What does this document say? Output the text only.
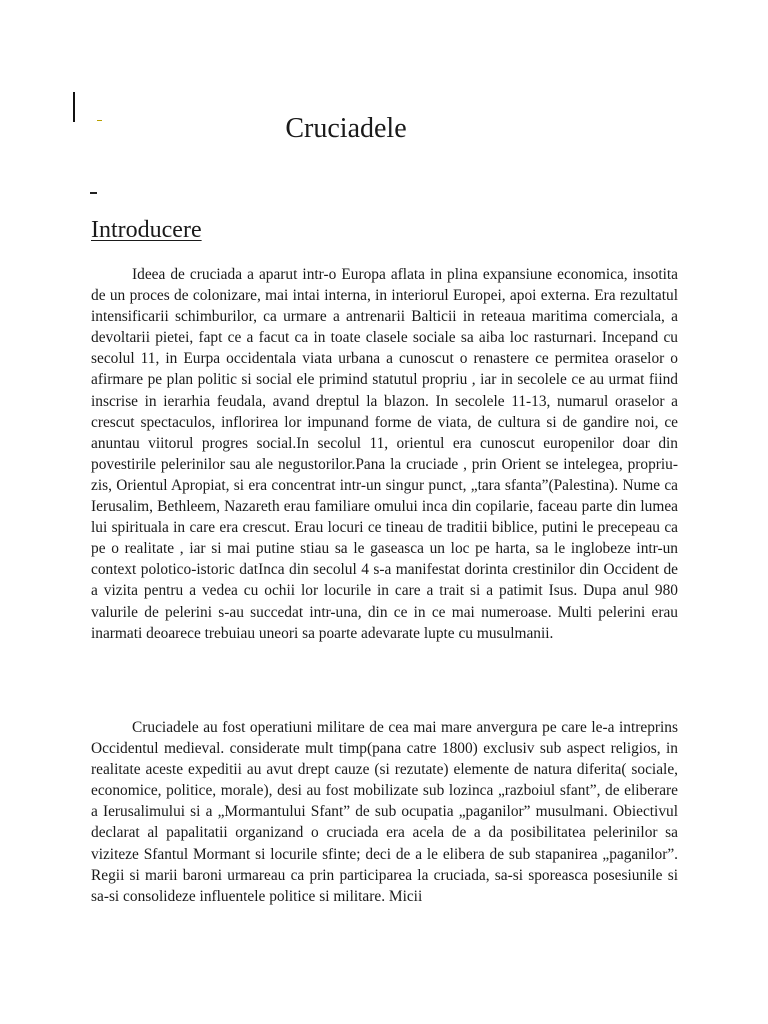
Cruciadele
Introducere

Ideea de cruciada a aparut intr-o Europa aflata in plina expansiune economica, insotita de un proces de colonizare, mai intai interna, in interiorul Europei, apoi externa. Era rezultatul intensificarii schimburilor, ca urmare a antrenarii Balticii in reteaua maritima comerciala, a devoltarii pietei, fapt ce a facut ca in toate clasele sociale sa aiba loc rasturnari. Incepand cu secolul 11, in Eurpa occidentala viata urbana a cunoscut o renastere ce permitea oraselor o afirmare pe plan politic si social ele primind statutul propriu , iar in secolele ce au urmat fiind inscrise in ierarhia feudala, avand dreptul la blazon. In secolele 11-13, numarul oraselor a crescut spectaculos, inflorirea lor impunand forme de viata, de cultura si de gandire noi, ce anuntau viitorul progres social.In secolul 11, orientul era cunoscut europenilor doar din povestirile pelerinilor sau ale negustorilor.Pana la cruciade , prin Orient se intelegea, propriu-zis, Orientul Apropiat, si era concentrat intr-un singur punct, „tara sfanta”(Palestina). Nume ca Ierusalim, Bethleem, Nazareth erau familiare omului inca din copilarie, faceau parte din lumea lui spirituala in care era crescut. Erau locuri ce tineau de traditii biblice, putini le precepeau ca pe o realitate , iar si mai putine stiau sa le gaseasca un loc pe harta, sa le inglobeze intr-un context polotico-istoric datInca din secolul 4 s-a manifestat dorinta crestinilor din Occident de a vizita pentru a vedea cu ochii lor locurile in care a trait si a patimit Isus. Dupa anul 980 valurile de pelerini s-au succedat intr-una, din ce in ce mai numeroase. Multi pelerini erau inarmati deoarece trebuiau uneori sa poarte adevarate lupte cu musulmanii.

Cruciadele au fost operatiuni militare de cea mai mare anvergura pe care le-a intreprins Occidentul medieval. considerate mult timp(pana catre 1800) exclusiv sub aspect religios, in realitate aceste expeditii au avut drept cauze (si rezutate) elemente de natura diferita( sociale, economice, politice, morale), desi au fost mobilizate sub lozinca „razboiul sfant”, de eliberare a Ierusalimului si a „Mormantului Sfant” de sub ocupatia „paganilor” musulmani. Obiectivul declarat al papalitatii organizand o cruciada era acela de a da posibilitatea pelerinilor sa viziteze Sfantul Mormant si locurile sfinte; deci de a le elibera de sub stapanirea „paganilor”. Regii si marii baroni urmareau ca prin participarea la cruciada, sa-si sporeasca posesiunile si sa-si consolideze influentele politice si militare. Micii
